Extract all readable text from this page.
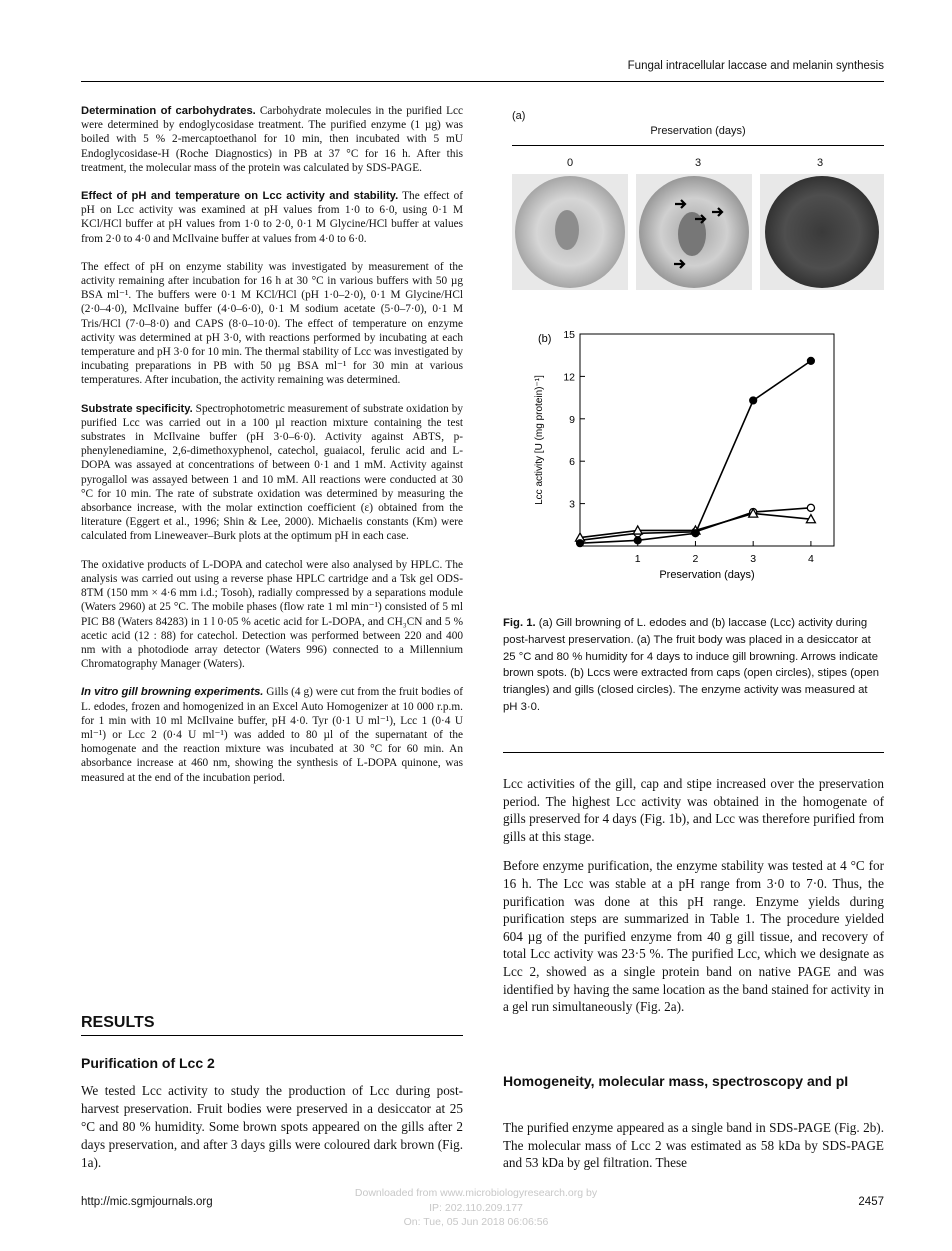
Fungal intracellular laccase and melanin synthesis

Determination of carbohydrates. Carbohydrate molecules in the purified Lcc were determined by endoglycosidase treatment. The purified enzyme (1 µg) was boiled with 5 % 2-mercaptoethanol for 10 min, then incubated with 5 mU Endoglycosidase-H (Roche Diagnostics) in PB at 37 °C for 16 h. After this treatment, the molecular mass of the protein was calculated by SDS-PAGE.

Effect of pH and temperature on Lcc activity and stability. The effect of pH on Lcc activity was examined at pH values from 1·0 to 6·0, using 0·1 M KCl/HCl buffer at pH values from 1·0 to 2·0, 0·1 M Glycine/HCl buffer at values from 2·0 to 4·0 and McIlvaine buffer at values from 4·0 to 6·0.

The effect of pH on enzyme stability was investigated by measurement of the activity remaining after incubation for 16 h at 30 °C in various buffers with 50 µg BSA ml⁻¹. The buffers were 0·1 M KCl/HCl (pH 1·0–2·0), 0·1 M Glycine/HCl (2·0–4·0), McIlvaine buffer (4·0–6·0), 0·1 M sodium acetate (5·0–7·0), 0·1 M Tris/HCl (7·0–8·0) and CAPS (8·0–10·0). The effect of temperature on enzyme activity was determined at pH 3·0, with reactions performed by incubating at each temperature and pH 3·0 for 10 min. The thermal stability of Lcc was investigated by incubating preparations in PB with 50 µg BSA ml⁻¹ for 30 min at various temperatures. After incubation, the activity remaining was determined.

Substrate specificity. Spectrophotometric measurement of substrate oxidation by purified Lcc was carried out in a 100 µl reaction mixture containing the test substrates in McIlvaine buffer (pH 3·0–6·0). Activity against ABTS, p-phenylenediamine, 2,6-dimethoxyphenol, catechol, guaiacol, ferulic acid and L-DOPA was assayed at concentrations of between 0·1 and 1 mM. Activity against pyrogallol was assayed between 1 and 10 mM. All reactions were conducted at 30 °C for 10 min. The rate of substrate oxidation was determined by measuring the absorbance increase, with the molar extinction coefficient (ε) obtained from the literature (Eggert et al., 1996; Shin & Lee, 2000). Michaelis constants (Km) were calculated from Lineweaver–Burk plots at the optimum pH in each case.

The oxidative products of L-DOPA and catechol were also analysed by HPLC. The analysis was carried out using a reverse phase HPLC cartridge and a Tsk gel ODS-8TM (150 mm × 4·6 mm i.d.; Tosoh), radially compressed by a separations module (Waters 2960) at 25 °C. The mobile phases (flow rate 1 ml min⁻¹) consisted of 5 ml PIC B8 (Waters 84283) in 1 l 0·05 % acetic acid for L-DOPA, and CH₃CN and 5 % acetic acid (12 : 88) for catechol. Detection was performed between 220 and 400 nm with a photodiode array detector (Waters 996) connected to a Millennium Chromatography Manager (Waters).

In vitro gill browning experiments. Gills (4 g) were cut from the fruit bodies of L. edodes, frozen and homogenized in an Excel Auto Homogenizer at 10 000 r.p.m. for 1 min with 10 ml McIlvaine buffer, pH 4·0. Tyr (0·1 U ml⁻¹), Lcc 1 (0·4 U ml⁻¹) or Lcc 2 (0·4 U ml⁻¹) was added to 80 µl of the supernatant of the homogenate and the reaction mixture was incubated at 30 °C for 60 min. An absorbance increase at 460 nm, showing the synthesis of L-DOPA quinone, was measured at the end of the incubation period.

RESULTS
Purification of Lcc 2
We tested Lcc activity to study the production of Lcc during post-harvest preservation. Fruit bodies were preserved in a desiccator at 25 °C and 80 % humidity. Some brown spots appeared on the gills after 2 days preservation, and after 3 days gills were coloured dark brown (Fig. 1a).
(a)
Preservation (days)
0	3	3
(b)
3
6
9
12
15
1	2	3	4
Preservation (days)
Lcc activity [U (mg protein)⁻¹]
Fig. 1. (a) Gill browning of L. edodes and (b) laccase (Lcc) activity during post-harvest preservation. (a) The fruit body was placed in a desiccator at 25 °C and 80 % humidity for 4 days to induce gill browning. Arrows indicate brown spots. (b) Lccs were extracted from caps (open circles), stipes (open triangles) and gills (closed circles). The enzyme activity was measured at pH 3·0.

Lcc activities of the gill, cap and stipe increased over the preservation period. The highest Lcc activity was obtained in the homogenate of gills preserved for 4 days (Fig. 1b), and Lcc was therefore purified from gills at this stage.

Before enzyme purification, the enzyme stability was tested at 4 °C for 16 h. The Lcc was stable at a pH range from 3·0 to 7·0. Thus, the purification was done at this pH range. Enzyme yields during purification steps are summarized in Table 1. The procedure yielded 604 µg of the purified enzyme from 40 g gill tissue, and recovery of total Lcc activity was 23·5 %. The purified Lcc, which we designate as Lcc 2, showed as a single protein band on native PAGE and was identified by having the same location as the band stained for activity in a gel run simultaneously (Fig. 2a).

Homogeneity, molecular mass, spectroscopy and pI
The purified enzyme appeared as a single band in SDS-PAGE (Fig. 2b). The molecular mass of Lcc 2 was estimated as 58 kDa by SDS-PAGE and 53 kDa by gel filtration. These
http://mic.sgmjournals.org	2457
Downloaded from www.microbiologyresearch.org by
IP: 202.110.209.177
On: Tue, 05 Jun 2018 06:06:56
